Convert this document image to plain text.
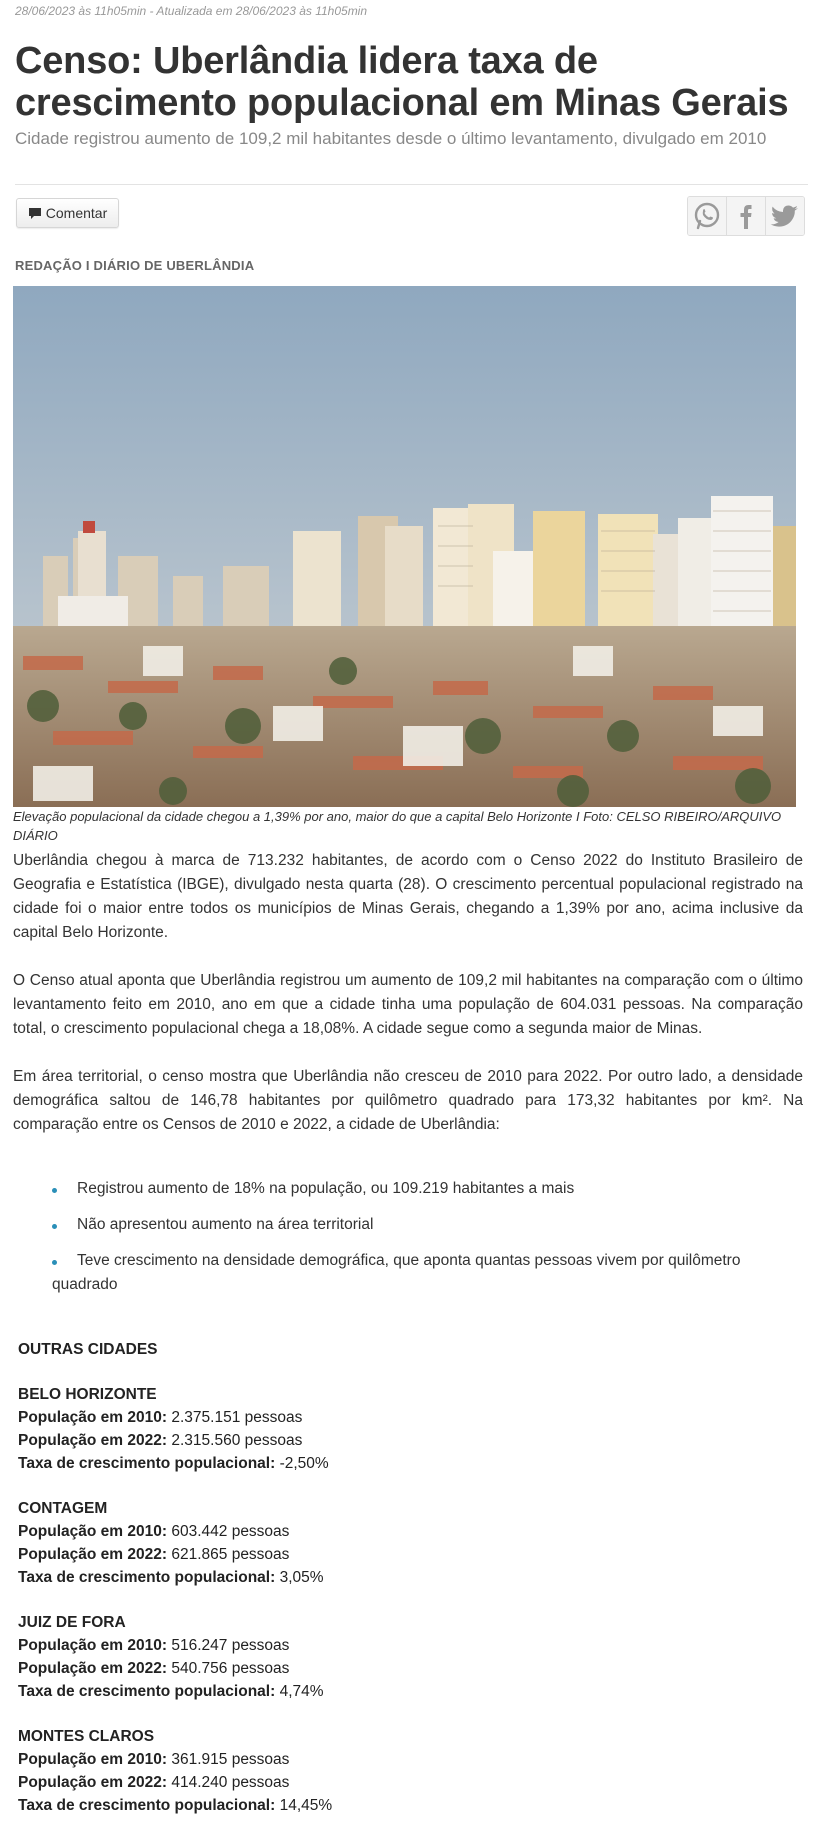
28/06/2023 às 11h05min - Atualizada em 28/06/2023 às 11h05min
Censo: Uberlândia lidera taxa de crescimento populacional em Minas Gerais

Cidade registrou aumento de 109,2 mil habitantes desde o último levantamento, divulgado em 2010

Comentar
REDAÇÃO I DIÁRIO DE UBERLÂNDIA

Elevação populacional da cidade chegou a 1,39% por ano, maior do que a capital Belo Horizonte I Foto: CELSO RIBEIRO/ARQUIVO DIÁRIO

Uberlândia chegou à marca de 713.232 habitantes, de acordo com o Censo 2022 do Instituto Brasileiro de Geografia e Estatística (IBGE), divulgado nesta quarta (28). O crescimento percentual populacional registrado na cidade foi o maior entre todos os municípios de Minas Gerais, chegando a 1,39% por ano, acima inclusive da capital Belo Horizonte.

O Censo atual aponta que Uberlândia registrou um aumento de 109,2 mil habitantes na comparação com o último levantamento feito em 2010, ano em que a cidade tinha uma população de 604.031 pessoas. Na comparação total, o crescimento populacional chega a 18,08%. A cidade segue como a segunda maior de Minas.

Em área territorial, o censo mostra que Uberlândia não cresceu de 2010 para 2022. Por outro lado, a densidade demográfica saltou de 146,78 habitantes por quilômetro quadrado para 173,32 habitantes por km². Na comparação entre os Censos de 2010 e 2022, a cidade de Uberlândia:

Registrou aumento de 18% na população, ou 109.219 habitantes a mais
Não apresentou aumento na área territorial
Teve crescimento na densidade demográfica, que aponta quantas pessoas vivem por quilômetro quadrado
OUTRAS CIDADES
BELO HORIZONTE
População em 2010: 2.375.151 pessoas
População em 2022: 2.315.560 pessoas
Taxa de crescimento populacional: -2,50%
CONTAGEM
População em 2010: 603.442 pessoas
População em 2022: 621.865 pessoas
Taxa de crescimento populacional: 3,05%
JUIZ DE FORA
População em 2010: 516.247 pessoas
População em 2022: 540.756 pessoas
Taxa de crescimento populacional: 4,74%
MONTES CLAROS
População em 2010: 361.915 pessoas
População em 2022: 414.240 pessoas
Taxa de crescimento populacional: 14,45%
